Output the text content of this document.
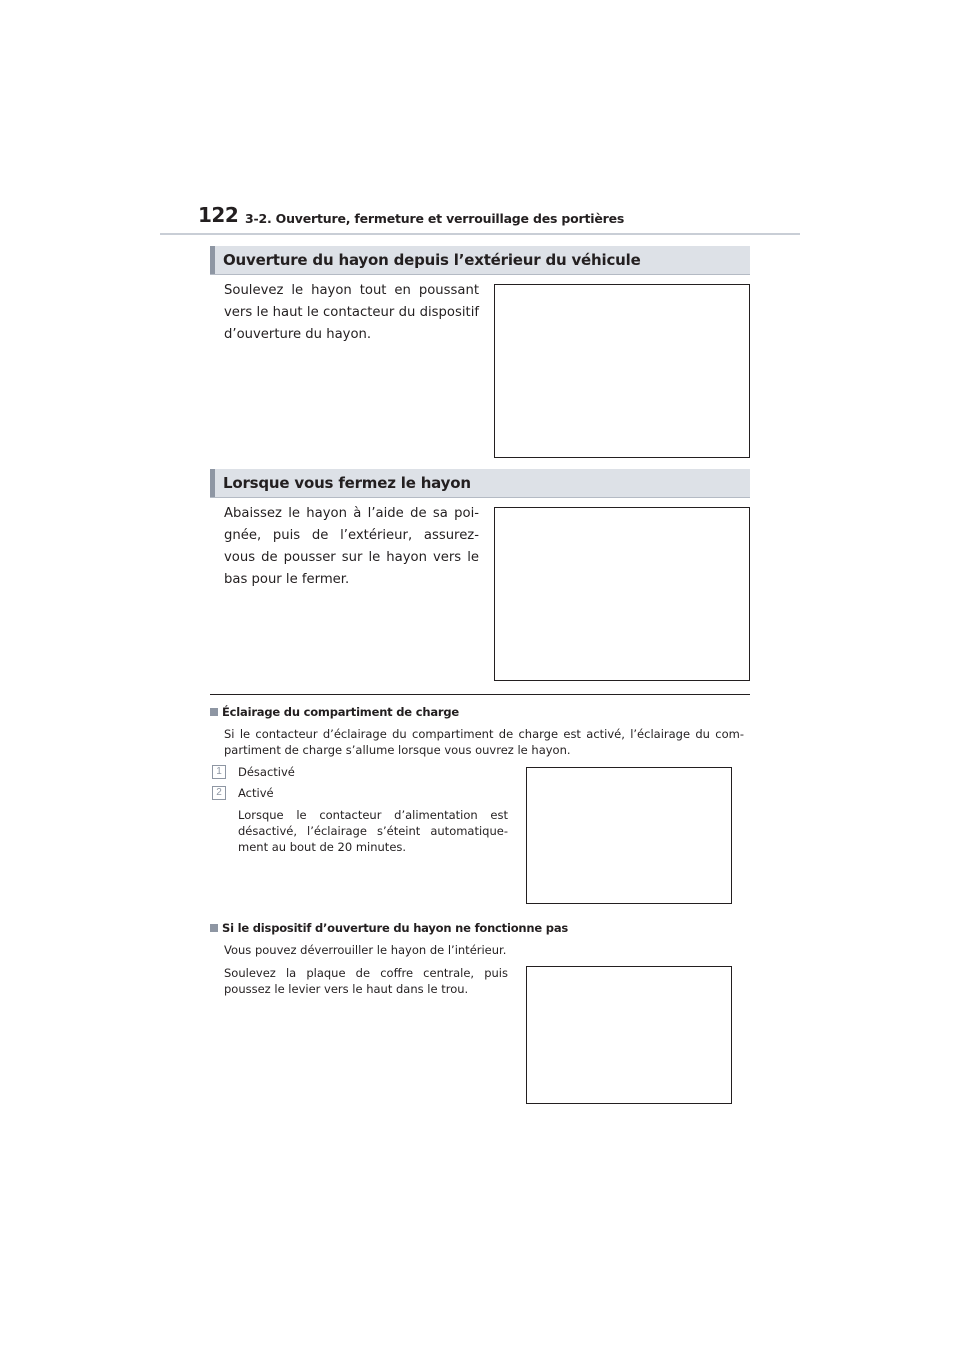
122 3-2. Ouverture, fermeture et verrouillage des portières
Ouverture du hayon depuis l’extérieur du véhicule
Soulevez le hayon tout en poussant vers le haut le contacteur du dispositif d’ouverture du hayon.
Lorsque vous fermez le hayon
Abaissez le hayon à l’aide de sa poi-gnée, puis de l’extérieur, assurez-vous de pousser sur le hayon vers le bas pour le fermer.
Éclairage du compartiment de charge
Si le contacteur d’éclairage du compartiment de charge est activé, l’éclairage du com-partiment de charge s’allume lorsque vous ouvrez le hayon.
1	Désactivé
2	Activé
Lorsque le contacteur d’alimentation est désactivé, l’éclairage s’éteint automatique-ment au bout de 20 minutes.
Si le dispositif d’ouverture du hayon ne fonctionne pas
Vous pouvez déverrouiller le hayon de l’intérieur.
Soulevez la plaque de coffre centrale, puis poussez le levier vers le haut dans le trou.
